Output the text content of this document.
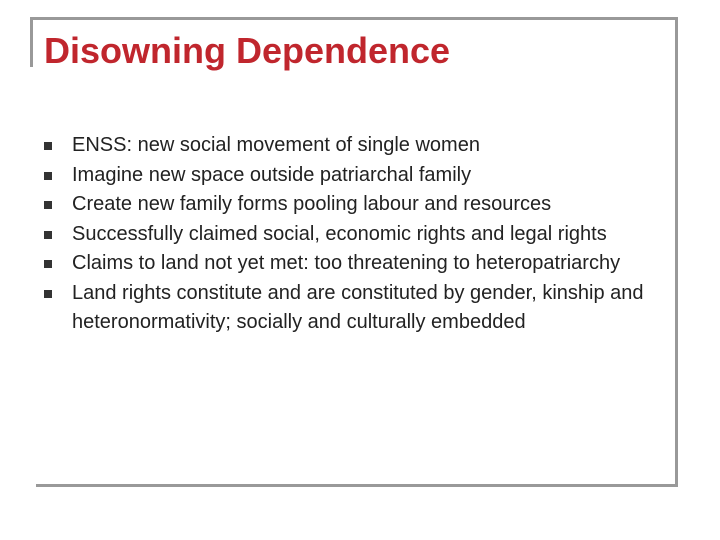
Disowning Dependence
ENSS: new social movement of single women
Imagine new space outside patriarchal family
Create new family forms pooling labour and resources
Successfully claimed social, economic rights and legal rights
Claims to land not yet met: too threatening to heteropatriarchy
Land rights constitute and are constituted by gender, kinship and heteronormativity; socially and culturally embedded
